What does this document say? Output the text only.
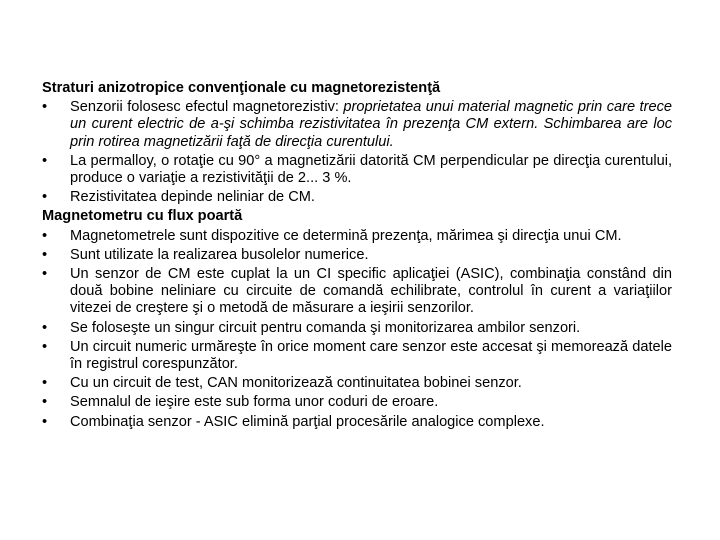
Straturi anizotropice convenţionale cu magnetorezistenţă
• Senzorii folosesc efectul magnetorezistiv: proprietatea unui material magnetic prin care trece un curent electric de a-şi schimba rezistivitatea în prezenţa CM extern. Schimbarea are loc prin rotirea magnetizării faţă de direcţia curentului.
• La permalloy, o rotaţie cu 90° a magnetizării datorită CM perpendicular pe direcţia curentului, produce o variaţie a rezistivităţii de 2... 3 %.
• Rezistivitatea depinde neliniar de CM.
Magnetometru cu flux poartă
• Magnetometrele sunt dispozitive ce determină prezenţa, mărimea şi direcţia unui CM.
• Sunt utilizate la realizarea busolelor numerice.
• Un senzor de CM este cuplat la un CI specific aplicaţiei (ASIC), combinaţia constând din două bobine neliniare cu circuite de comandă echilibrate, controlul în curent a variaţiilor vitezei de creştere şi o metodă de măsurare a ieşirii senzorilor.
• Se foloseşte un singur circuit pentru comanda şi monitorizarea ambilor senzori.
• Un circuit numeric urmăreşte în orice moment care senzor este accesat şi memorează datele în registrul corespunzător.
• Cu un circuit de test, CAN monitorizează continuitatea bobinei senzor.
• Semnalul de ieşire este sub forma unor coduri de eroare.
• Combinaţia senzor - ASIC elimină parţial procesările analogice complexe.
